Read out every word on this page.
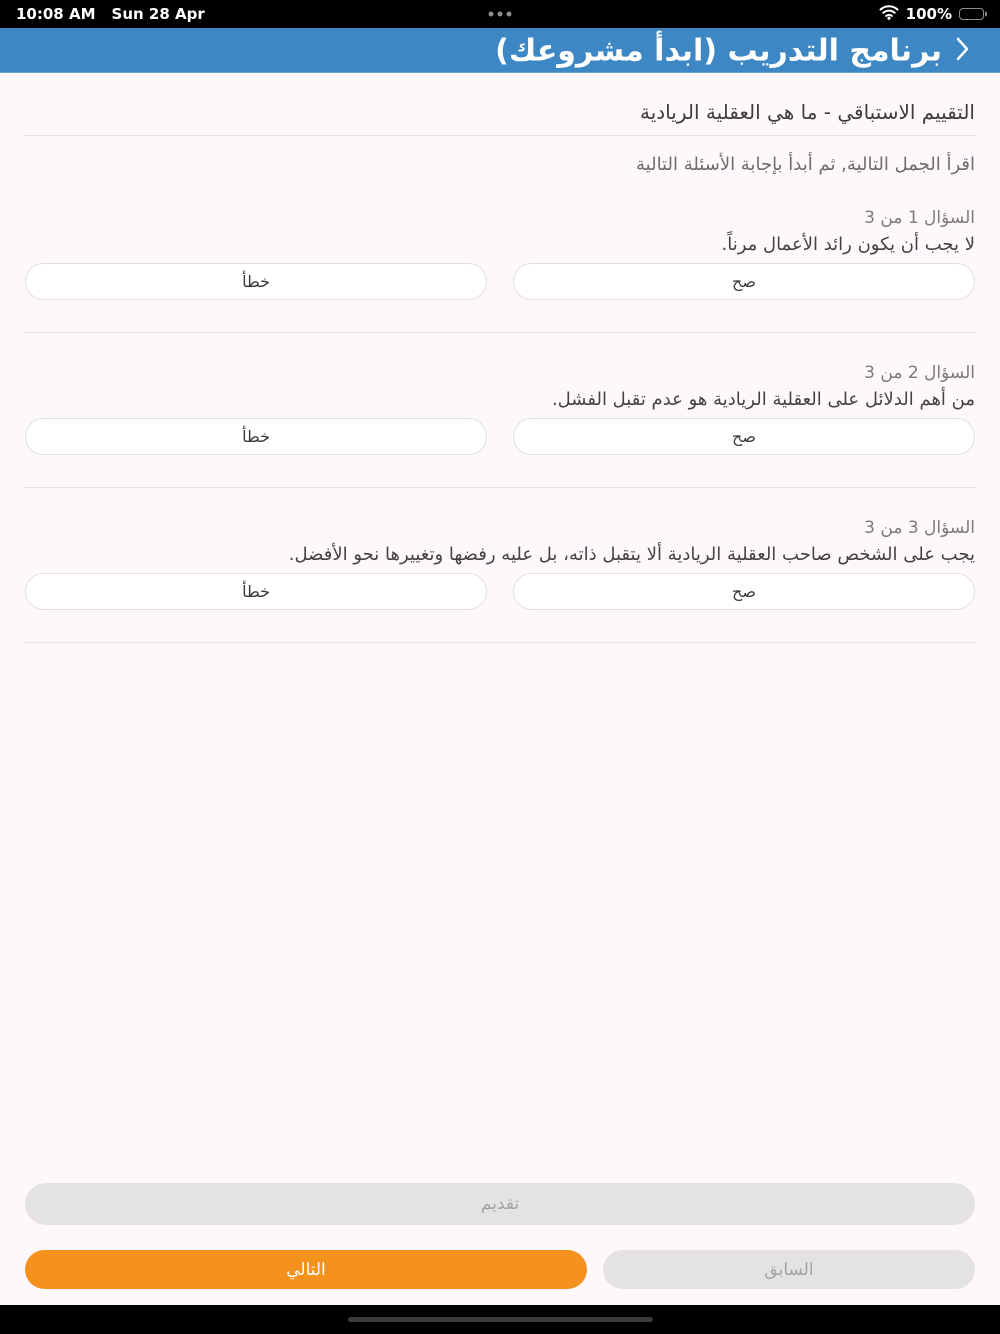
10:08 AM Sun 28 Apr	100%
برنامج التدريب (ابدأ مشروعك)
التقييم الاستباقي - ما هي العقلية الريادية
اقرأ الجمل التالية, ثم أبدأ بإجابة الأسئلة التالية
السؤال 1 من 3
لا يجب أن يكون رائد الأعمال مرناً.
صح
خطأ
السؤال 2 من 3
من أهم الدلائل على العقلية الريادية هو عدم تقبل الفشل.
صح
خطأ
السؤال 3 من 3
يجب على الشخص صاحب العقلية الريادية ألا يتقبل ذاته، بل عليه رفضها وتغييرها نحو الأفضل.
صح
خطأ
تقديم
السابق
التالي
